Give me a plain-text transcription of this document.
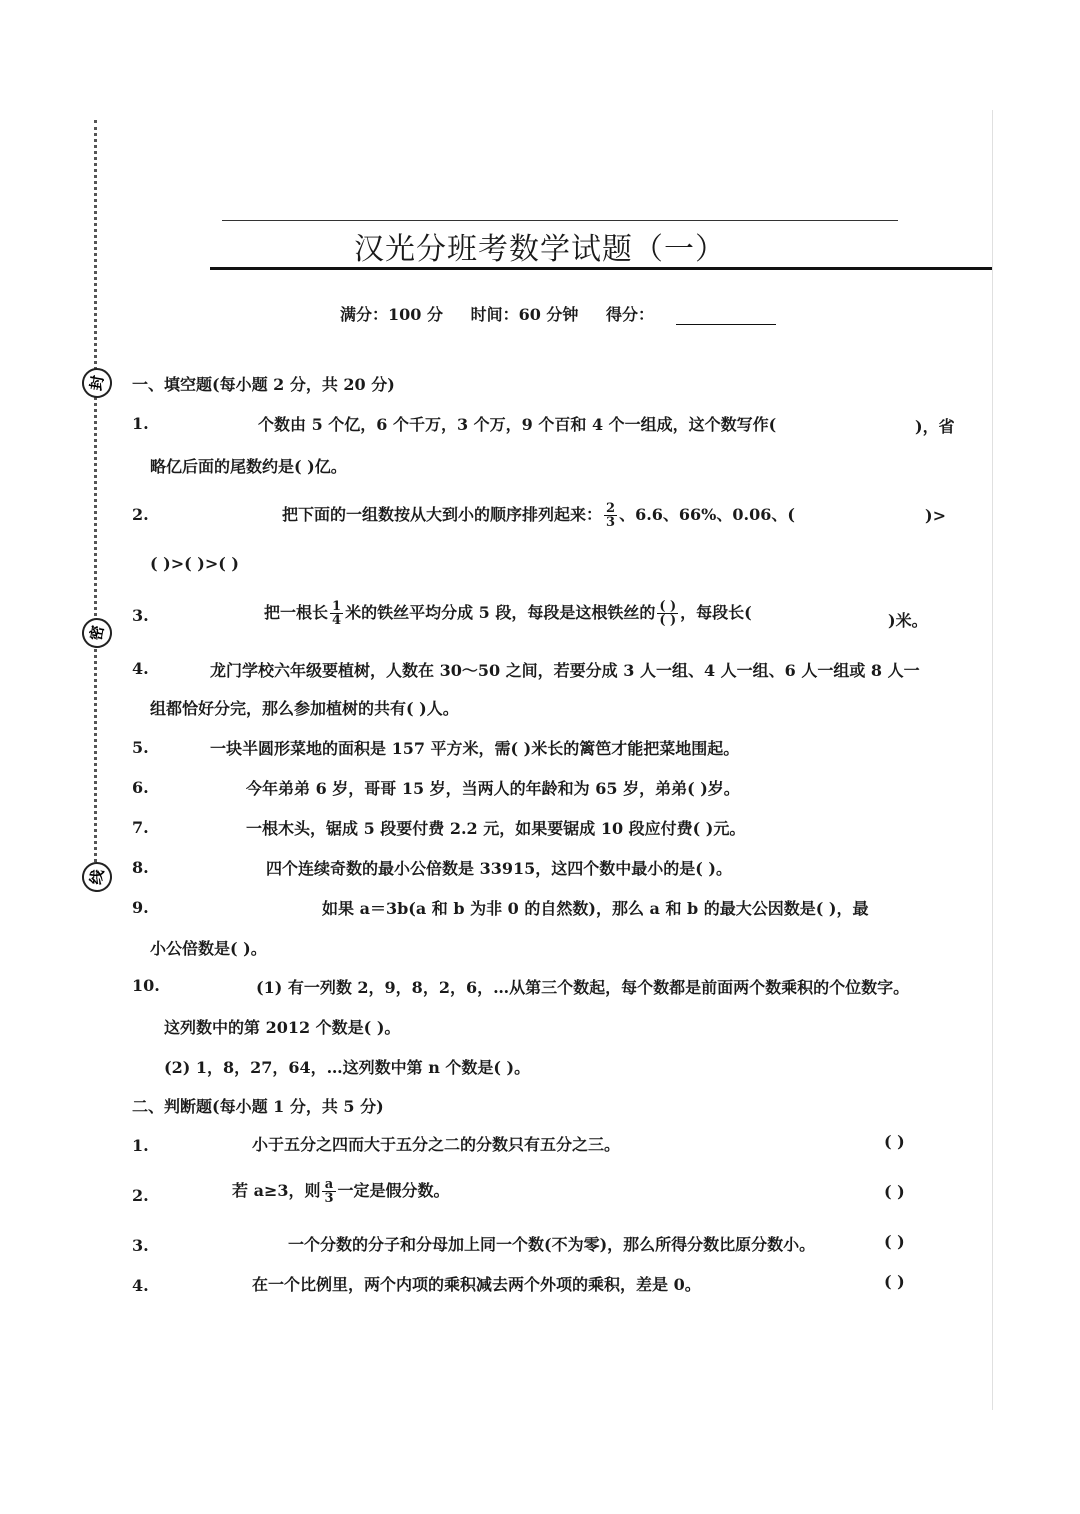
封
密
线
汉光分班考数学试题（一）
满分：100 分 时间：60 分钟 得分：
一、填空题(每小题 2 分，共 20 分)
1.	个数由 5 个亿，6 个千万，3 个万，9 个百和 4 个一组成，这个数写作(	)，省
略亿后面的尾数约是( )亿。
2.	把下面的一组数按从大到小的顺序排列起来： $\frac{2}{3}$ 、6.6、66%、0.06、(	)>
( )>( )>( )
3.	把一根长 $\frac{1}{4}$ 米的铁丝平均分成 5 段，每段是这根铁丝的 $\frac{( )}{( )}$ ，每段长(	)米。
4.	龙门学校六年级要植树，人数在 30～50 之间，若要分成 3 人一组、4 人一组、6 人一组或 8 人一
组都恰好分完，那么参加植树的共有( )人。
5.	一块半圆形菜地的面积是 157 平方米，需( )米长的篱笆才能把菜地围起。
6.	今年弟弟 6 岁，哥哥 15 岁，当两人的年龄和为 65 岁，弟弟( )岁。
7.	一根木头，锯成 5 段要付费 2.2 元，如果要锯成 10 段应付费( )元。
8.	四个连续奇数的最小公倍数是 33915，这四个数中最小的是( )。
9.	如果 a＝3b(a 和 b 为非 0 的自然数)，那么 a 和 b 的最大公因数是( )，最
小公倍数是( )。
10.	(1) 有一列数 2，9，8，2，6，…从第三个数起，每个数都是前面两个数乘积的个位数字。
这列数中的第 2012 个数是( )。
(2) 1，8，27，64，…这列数中第 n 个数是( )。
二、判断题(每小题 1 分，共 5 分)
1.	小于五分之四而大于五分之二的分数只有五分之三。	( )
2.	若 a≥3，则 $\frac{a}{3}$ 一定是假分数。	( )
3.	一个分数的分子和分母加上同一个数(不为零)，那么所得分数比原分数小。	( )
4.	在一个比例里，两个内项的乘积减去两个外项的乘积，差是 0。	( )
